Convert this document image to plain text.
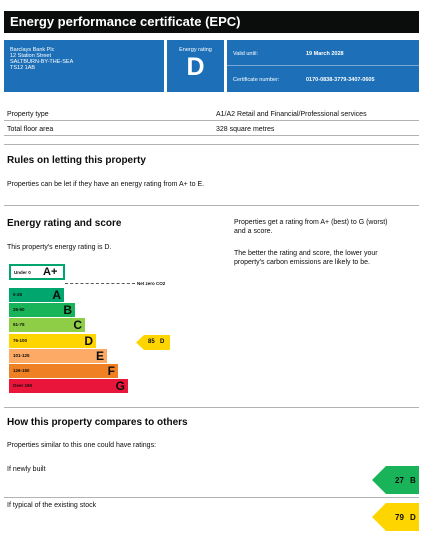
Energy performance certificate (EPC)
Barclays Bank Plc
12 Station Street
SALTBURN-BY-THE-SEA
TS12 1AB
Energy rating
D	Valid until:	19 March 2028
Certificate number:	0170-0838-3779-3407-0605
Property type	A1/A2 Retail and Financial/Professional services
Total floor area	328 square metres
Rules on letting this property
Properties can be let if they have an energy rating from A+ to E.
Energy rating and score
This property's energy rating is D.
Properties get a rating from A+ (best) to G (worst)
and a score.
The better the rating and score, the lower your
property's carbon emissions are likely to be.
Under 0 A+
Net zero CO2
0-25	A
26-50	B
51-75	C
76-100	D
101-125	E
126-150	F
Over 150	G
85 D
How this property compares to others
Properties similar to this one could have ratings:
If newly built
27 B
If typical of the existing stock
79 D
